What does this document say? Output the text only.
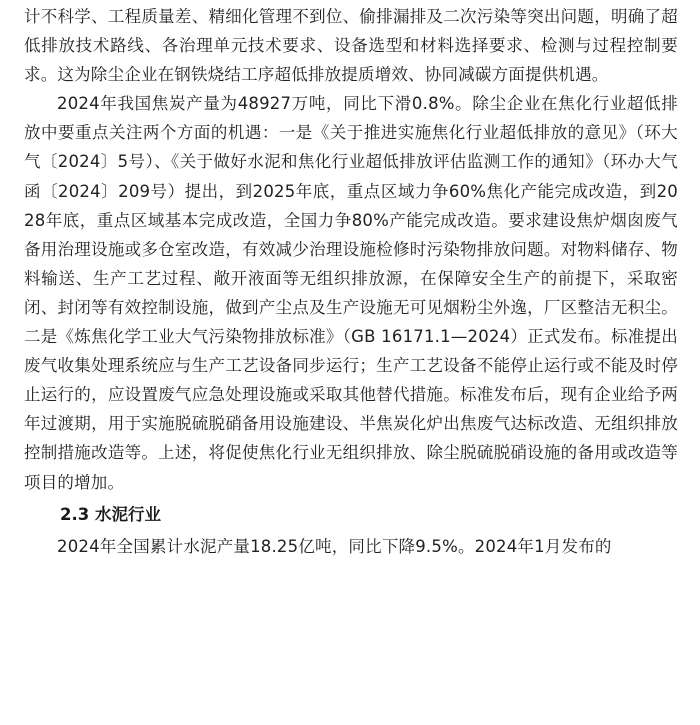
计不科学、工程质量差、精细化管理不到位、偷排漏排及二次污染等突出问题，明确了超低排放技术路线、各治理单元技术要求、设备选型和材料选择要求、检测与过程控制要求。这为除尘企业在钢铁烧结工序超低排放提质增效、协同减碳方面提供机遇。

2024年我国焦炭产量为48927万吨，同比下滑0.8%。除尘企业在焦化行业超低排放中要重点关注两个方面的机遇：一是《关于推进实施焦化行业超低排放的意见》（环大气〔2024〕5号）、《关于做好水泥和焦化行业超低排放评估监测工作的通知》（环办大气函〔2024〕209号）提出，到2025年底，重点区域力争60%焦化产能完成改造，到2028年底，重点区域基本完成改造，全国力争80%产能完成改造。要求建设焦炉烟囱废气备用治理设施或多仓室改造，有效减少治理设施检修时污染物排放问题。对物料储存、物料输送、生产工艺过程、敞开液面等无组织排放源，在保障安全生产的前提下，采取密闭、封闭等有效控制设施，做到产尘点及生产设施无可见烟粉尘外逸，厂区整洁无积尘。二是《炼焦化学工业大气污染物排放标准》（GB 16171.1—2024）正式发布。标准提出废气收集处理系统应与生产工艺设备同步运行；生产工艺设备不能停止运行或不能及时停止运行的，应设置废气应急处理设施或采取其他替代措施。标准发布后，现有企业给予两年过渡期，用于实施脱硫脱硝备用设施建设、半焦炭化炉出焦废气达标改造、无组织排放控制措施改造等。上述，将促使焦化行业无组织排放、除尘脱硫脱硝设施的备用或改造等项目的增加。

2.3 水泥行业

2024年全国累计水泥产量18.25亿吨，同比下降9.5%。2024年1月发布的
